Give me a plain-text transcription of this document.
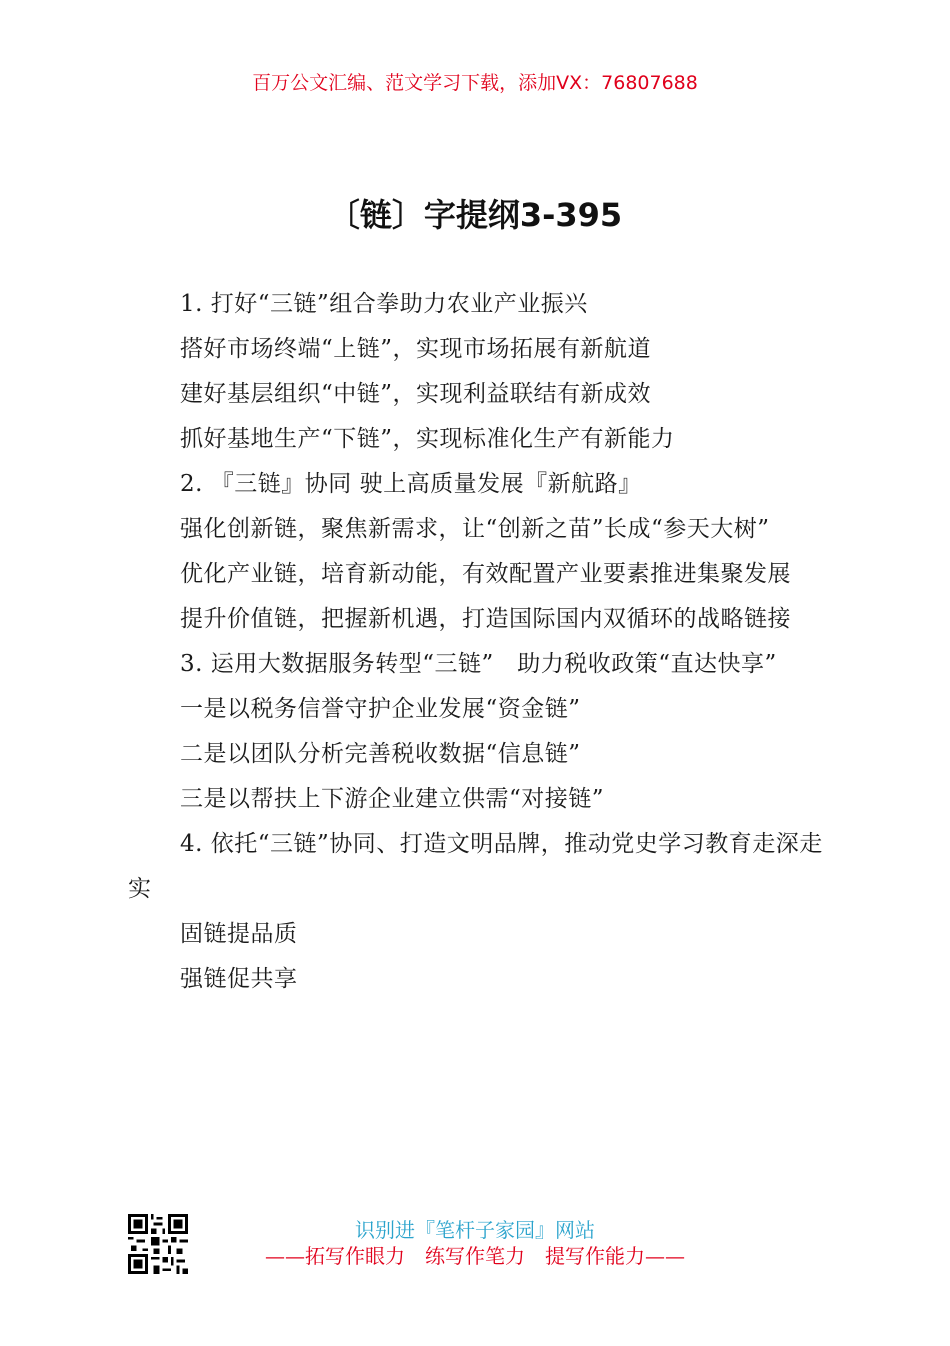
百万公文汇编、范文学习下载，添加VX：76807688
〔链〕字提纲3-395

1. 打好“三链”组合拳助力农业产业振兴

搭好市场终端“上链”，实现市场拓展有新航道

建好基层组织“中链”，实现利益联结有新成效

抓好基地生产“下链”，实现标准化生产有新能力

2. 『三链』协同 驶上高质量发展『新航路』

强化创新链，聚焦新需求，让“创新之苗”长成“参天大树”

优化产业链，培育新动能，有效配置产业要素推进集聚发展

提升价值链，把握新机遇，打造国际国内双循环的战略链接

3. 运用大数据服务转型“三链”　助力税收政策“直达快享”

一是以税务信誉守护企业发展“资金链”

二是以团队分析完善税收数据“信息链”

三是以帮扶上下游企业建立供需“对接链”

4. 依托“三链”协同、打造文明品牌，推动党史学习教育走深走实

固链提品质

强链促共享

识别进『笔杆子家园』网站
——拓写作眼力　练写作笔力　提写作能力——
